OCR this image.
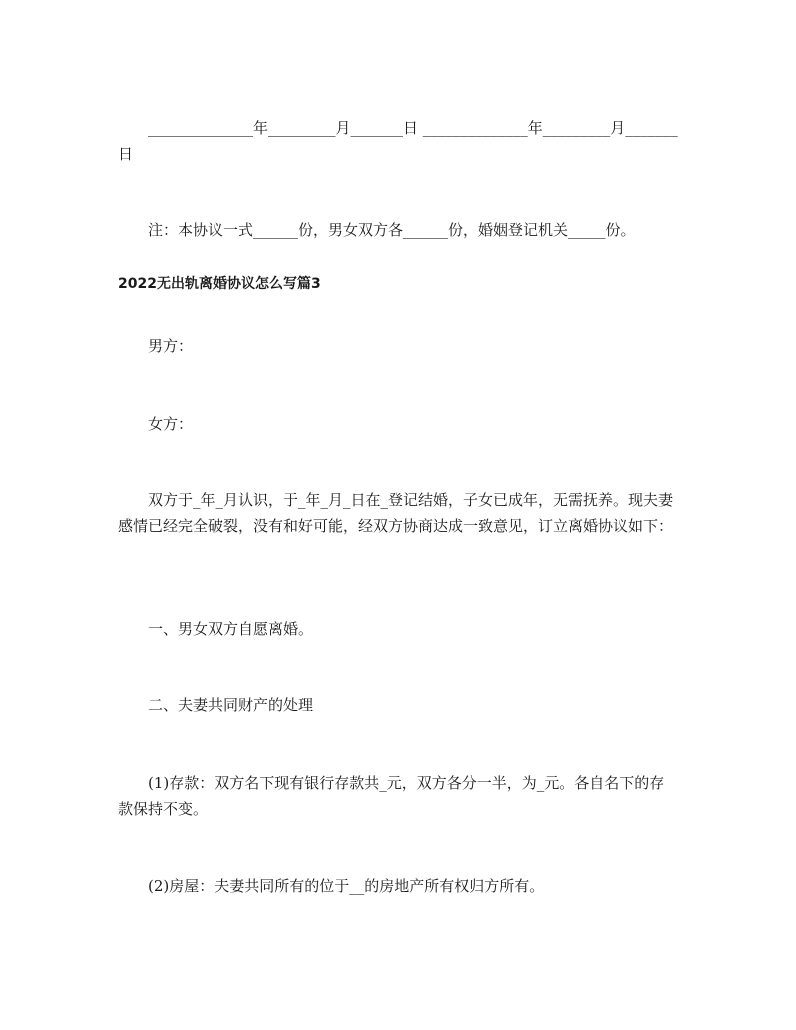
______________年_________月_______日 ______________年_________月_______日

注：本协议一式______份，男女双方各______份，婚姻登记机关_____份。

2022无出轨离婚协议怎么写篇3

男方：

女方：

双方于_年_月认识，于_年_月_日在_登记结婚，子女已成年，无需抚养。现夫妻感情已经完全破裂，没有和好可能，经双方协商达成一致意见，订立离婚协议如下：

一、男女双方自愿离婚。

二、夫妻共同财产的处理

(1)存款：双方名下现有银行存款共_元，双方各分一半，为_元。各自名下的存款保持不变。

(2)房屋：夫妻共同所有的位于__的房地产所有权归方所有。
